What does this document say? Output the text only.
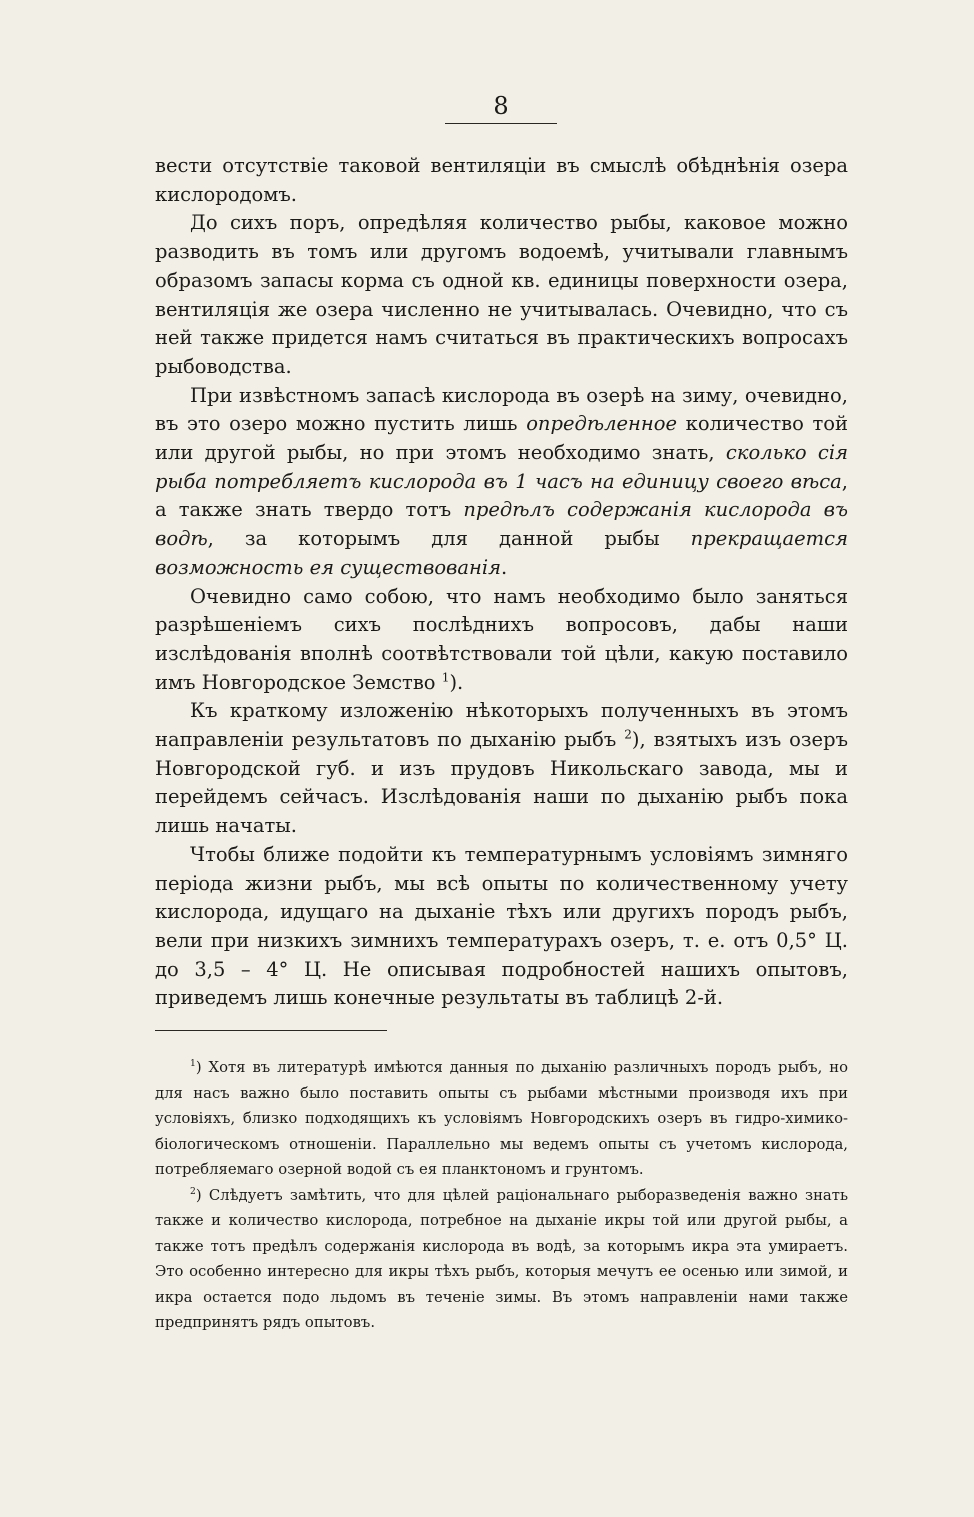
8

вести отсутствіе таковой вентиляціи въ смыслѣ обѣднѣнія озера кислородомъ.

До сихъ поръ, опредѣляя количество рыбы, каковое можно разводить въ томъ или другомъ водоемѣ, учитывали главнымъ образомъ запасы корма съ одной кв. единицы поверхности озера, вентиляція же озера численно не учитывалась. Очевидно, что съ ней также придется намъ считаться въ практическихъ вопросахъ рыбоводства.

При извѣстномъ запасѣ кислорода въ озерѣ на зиму, очевидно, въ это озеро можно пустить лишь опредѣленное количество той или другой рыбы, но при этомъ необходимо знать, сколько сія рыба потребляетъ кислорода въ 1 часъ на единицу своего вѣса, а также знать твердо тотъ предѣлъ содержанія кислорода въ водѣ, за которымъ для данной рыбы прекращается возможность ея существованія.

Очевидно само собою, что намъ необходимо было заняться разрѣшеніемъ сихъ послѣднихъ вопросовъ, дабы наши изслѣдованія вполнѣ соотвѣтствовали той цѣли, какую поставило имъ Новгородское Земство $^1$).

Къ краткому изложенію нѣкоторыхъ полученныхъ въ этомъ направленіи результатовъ по дыханію рыбъ $^2$), взятыхъ изъ озеръ Новгородской губ. и изъ прудовъ Никольскаго завода, мы и перейдемъ сейчасъ. Изслѣдованія наши по дыханію рыбъ пока лишь начаты.

Чтобы ближе подойти къ температурнымъ условіямъ зимняго періода жизни рыбъ, мы всѣ опыты по количественному учету кислорода, идущаго на дыханіе тѣхъ или другихъ породъ рыбъ, вели при низкихъ зимнихъ температурахъ озеръ, т. е. отъ 0,5° Ц. до 3,5 – 4° Ц. Не описывая подробностей нашихъ опытовъ, приведемъ лишь конечные результаты въ таблицѣ 2-й.

$^1$) Хотя въ литературѣ имѣются данныя по дыханію различныхъ породъ рыбъ, но для насъ важно было поставить опыты съ рыбами мѣстными производя ихъ при условіяхъ, близко подходящихъ къ условіямъ Новгородскихъ озеръ въ гидро-химико-біологическомъ отношеніи. Параллельно мы ведемъ опыты съ учетомъ кислорода, потребляемаго озерной водой съ ея планктономъ и грунтомъ.

$^2$) Слѣдуетъ замѣтить, что для цѣлей раціональнаго рыборазведенія важно знать также и количество кислорода, потребное на дыханіе икры той или другой рыбы, а также тотъ предѣлъ содержанія кислорода въ водѣ, за которымъ икра эта умираетъ. Это особенно интересно для икры тѣхъ рыбъ, которыя мечутъ ее осенью или зимой, и икра остается подо льдомъ въ теченіе зимы. Въ этомъ направленіи нами также предпринятъ рядъ опытовъ.
